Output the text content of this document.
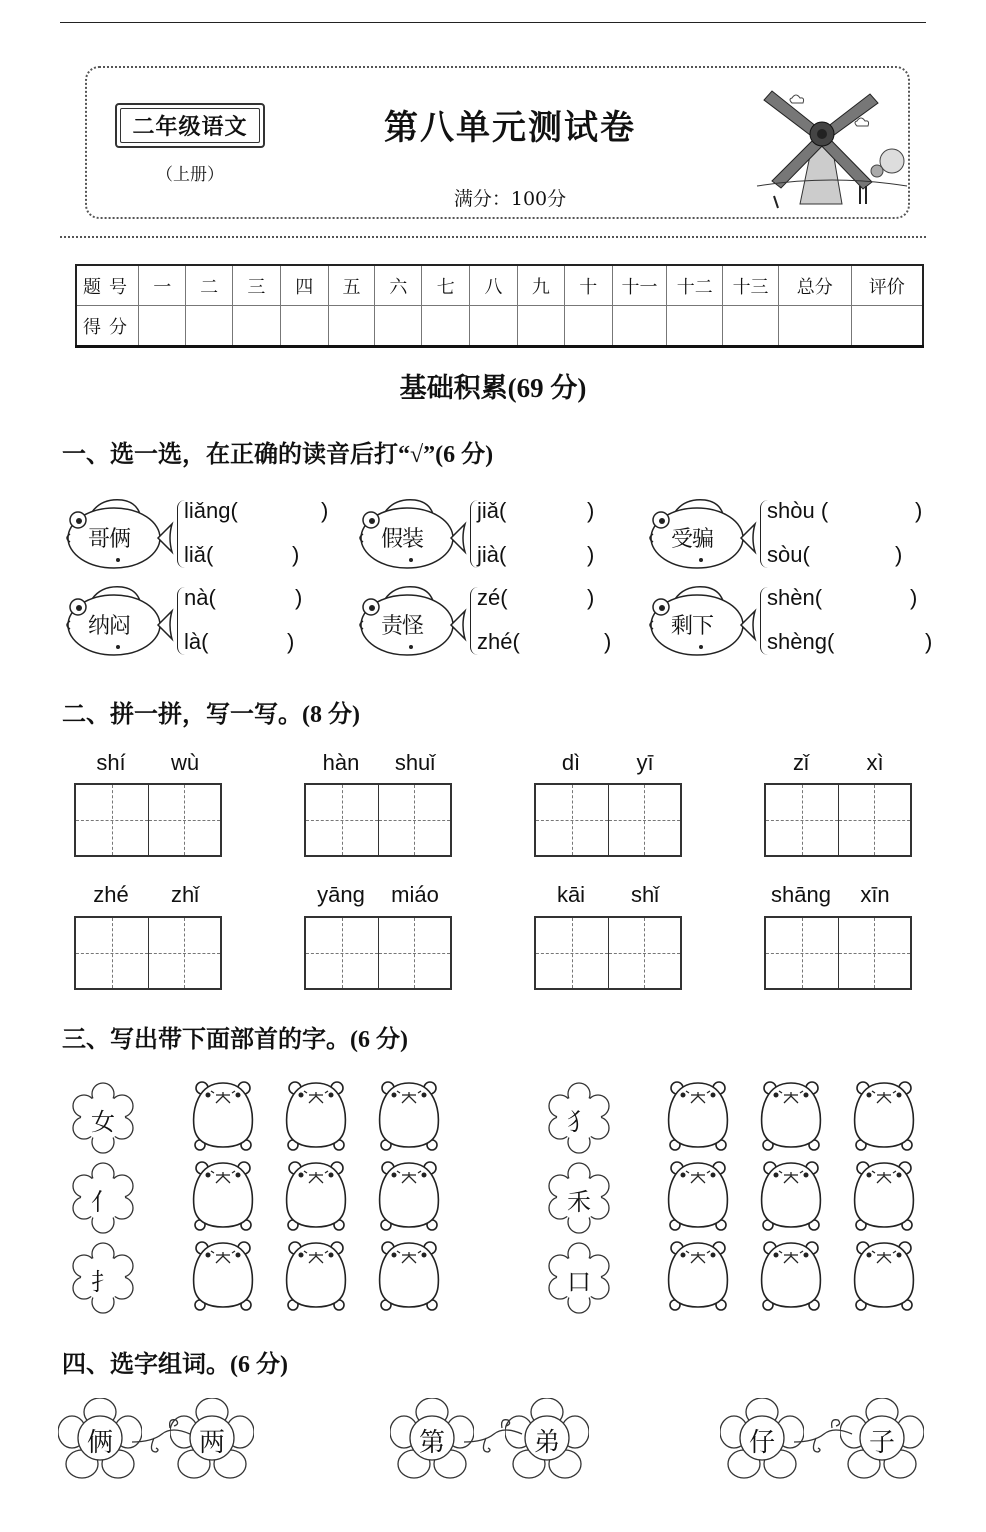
二年级语文
（上册）
第八单元测试卷
满分：100分
题号	一	二	三	四	五	六	七	八	九	十	十一	十二	十三	总分	评价
得分															
基础积累(69 分)
一、选一选，在正确的读音后打“√”(6 分)
哥俩
liǎng(	)
liǎ(	)
假装
jiǎ(	)
jià(	)
受骗
shòu (	)
sòu(	)
纳闷
nà(	)
là(	)
责怪
zé(	)
zhé(	)
剩下
shèn(	)
shèng(	)
二、拼一拼，写一写。(8 分)
shí	wù	hàn	shuǐ	dì	yī	zǐ	xì
zhé	zhǐ	yāng	miáo	kāi	shǐ	shāng	xīn
三、写出带下面部首的字。(6 分)
女
亻
扌
犭
禾
口
四、选字组词。(6 分)
俩	两	第	弟	仔	子
